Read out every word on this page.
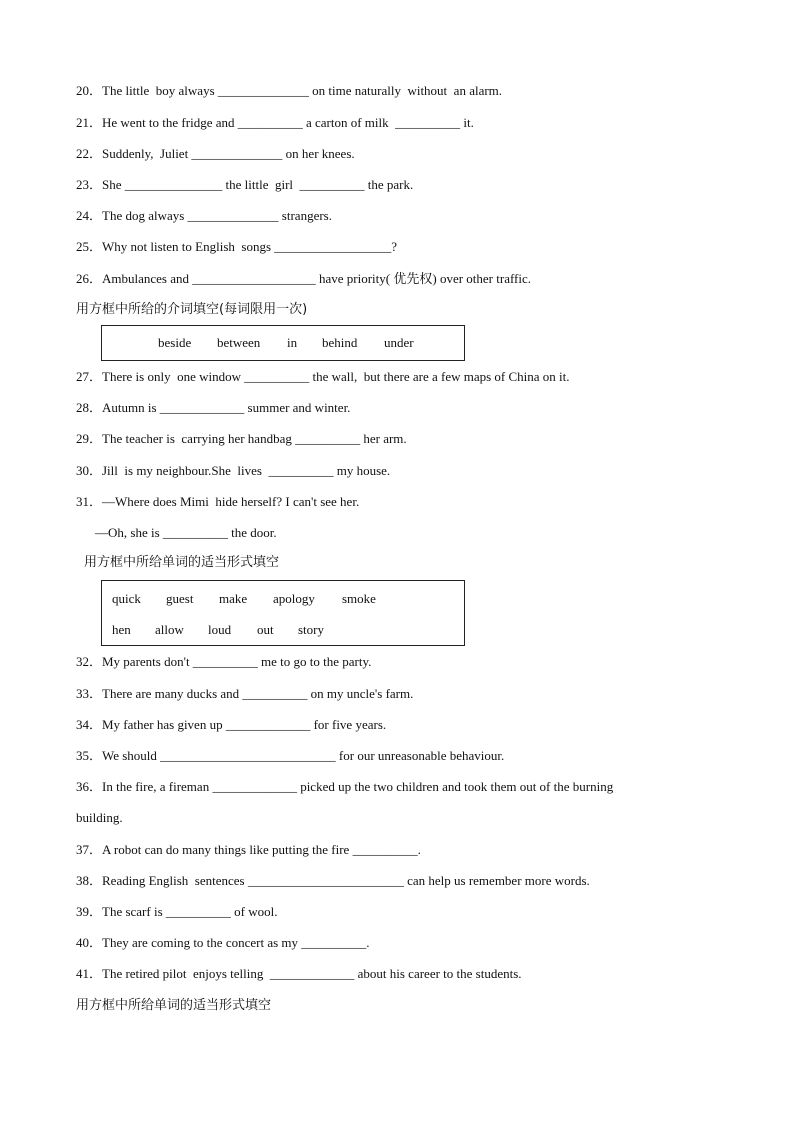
20．The little  boy always ______________ on time naturally  without  an alarm.
21．He went to the fridge and __________ a carton of milk  __________ it.
22．Suddenly,  Juliet ______________ on her knees.
23．She _______________ the little  girl  __________ the park.
24．The dog always ______________ strangers.
25．Why not listen to English  songs __________________?
26．Ambulances and ___________________ have priority( 优先权) over other traffic.
用方框中所给的介词填空(每词限用一次)
beside between in behind under
27．There is only  one window __________ the wall,  but there are a few maps of China on it.
28．Autumn is _____________ summer and winter.
29．The teacher is  carrying her handbag __________ her arm.
30．Jill  is my neighbour.She  lives  __________ my house.
31．—Where does Mimi  hide herself? I can't see her.
—Oh, she is __________ the door.
用方框中所给单词的适当形式填空
quick guest make apology smoke
hen allow loud out story
32．My parents don't __________ me to go to the party.
33．There are many ducks and __________ on my uncle's farm.
34．My father has given up _____________ for five years.
35．We should ___________________________ for our unreasonable behaviour.
36．In the fire, a fireman _____________ picked up the two children and took them out of the burning
building.
37．A robot can do many things like putting the fire __________.
38．Reading English  sentences ________________________ can help us remember more words.
39．The scarf is __________ of wool.
40．They are coming to the concert as my __________.
41．The retired pilot  enjoys telling  _____________ about his career to the students.
用方框中所给单词的适当形式填空
